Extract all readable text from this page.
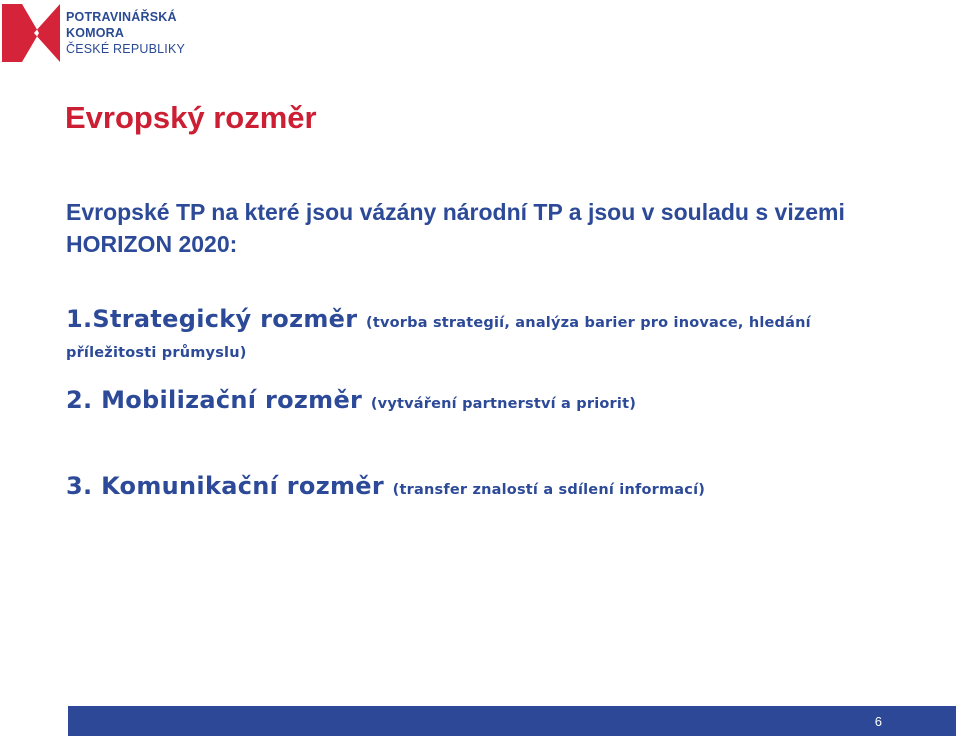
POTRAVINÁŘSKÁ
KOMORA
ČESKÉ REPUBLIKY
Evropský rozměr

Evropské TP na které jsou vázány národní TP a jsou v souladu s vizemi HORIZON 2020:

1.Strategický rozměr (tvorba strategií, analýza barier pro inovace, hledání příležitosti průmyslu)

2. Mobilizační rozměr (vytváření partnerství a priorit)

3. Komunikační rozměr (transfer znalostí a sdílení informací)

6
